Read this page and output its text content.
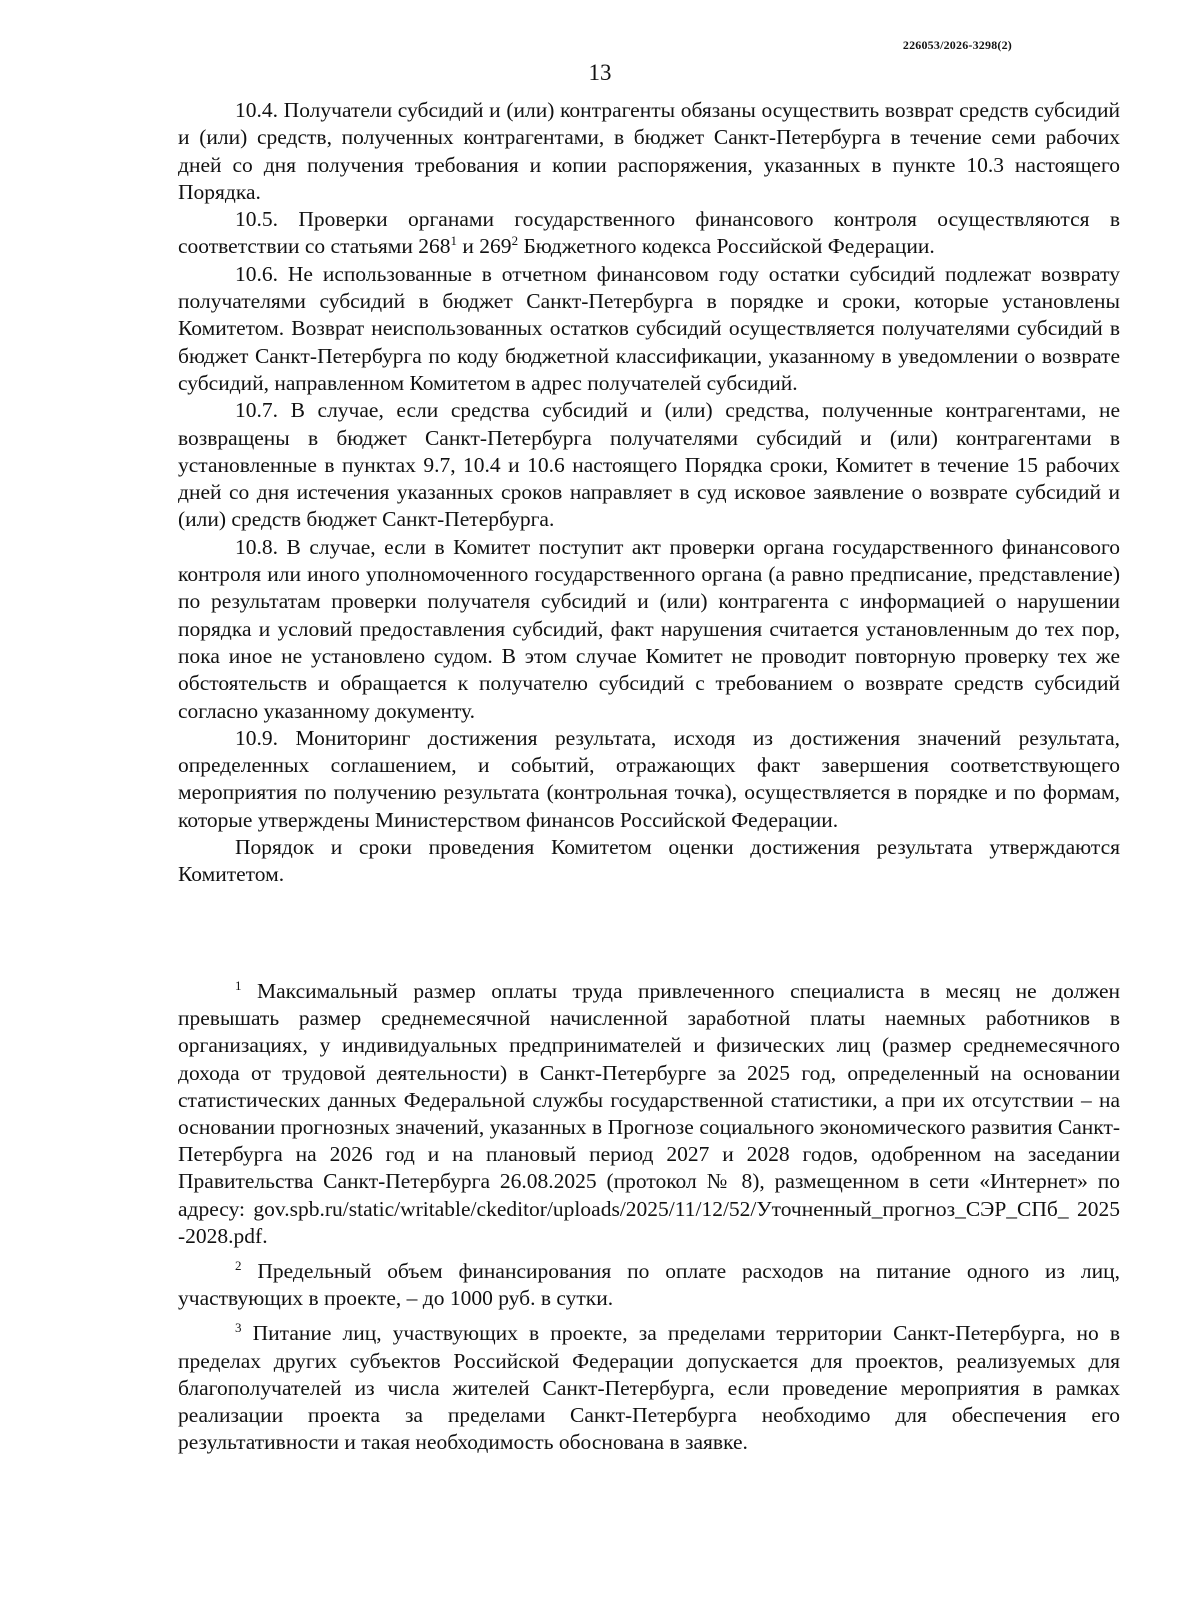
226053/2026-3298(2)
13

10.4. Получатели субсидий и (или) контрагенты обязаны осуществить возврат средств субсидий и (или) средств, полученных контрагентами, в бюджет Санкт-Петербурга в течение семи рабочих дней со дня получения требования и копии распоряжения, указанных в пункте 10.3 настоящего Порядка.

10.5. Проверки органами государственного финансового контроля осуществляются в соответствии со статьями $268^1$ и $269^2$ Бюджетного кодекса Российской Федерации.

10.6. Не использованные в отчетном финансовом году остатки субсидий подлежат возврату получателями субсидий в бюджет Санкт-Петербурга в порядке и сроки, которые установлены Комитетом. Возврат неиспользованных остатков субсидий осуществляется получателями субсидий в бюджет Санкт-Петербурга по коду бюджетной классификации, указанному в уведомлении о возврате субсидий, направленном Комитетом в адрес получателей субсидий.

10.7. В случае, если средства субсидий и (или) средства, полученные контрагентами, не возвращены в бюджет Санкт-Петербурга получателями субсидий и (или) контрагентами в установленные в пунктах 9.7, 10.4 и 10.6 настоящего Порядка сроки, Комитет в течение 15 рабочих дней со дня истечения указанных сроков направляет в суд исковое заявление о возврате субсидий и (или) средств бюджет Санкт-Петербурга.

10.8. В случае, если в Комитет поступит акт проверки органа государственного финансового контроля или иного уполномоченного государственного органа (а равно предписание, представление) по результатам проверки получателя субсидий и (или) контрагента с информацией о нарушении порядка и условий предоставления субсидий, факт нарушения считается установленным до тех пор, пока иное не установлено судом. В этом случае Комитет не проводит повторную проверку тех же обстоятельств и обращается к получателю субсидий с требованием о возврате средств субсидий согласно указанному документу.

10.9. Мониторинг достижения результата, исходя из достижения значений результата, определенных соглашением, и событий, отражающих факт завершения соответствующего мероприятия по получению результата (контрольная точка), осуществляется в порядке и по формам, которые утверждены Министерством финансов Российской Федерации.

Порядок и сроки проведения Комитетом оценки достижения результата утверждаются Комитетом.

$^1$ Максимальный размер оплаты труда привлеченного специалиста в месяц не должен превышать размер среднемесячной начисленной заработной платы наемных работников в организациях, у индивидуальных предпринимателей и физических лиц (размер среднемесячного дохода от трудовой деятельности) в Санкт-Петербурге за 2025 год, определенный на основании статистических данных Федеральной службы государственной статистики, а при их отсутствии – на основании прогнозных значений, указанных в Прогнозе социального экономического развития Санкт-Петербурга на 2026 год и на плановый период 2027 и 2028 годов, одобренном на заседании Правительства Санкт-Петербурга 26.08.2025 (протокол № 8), размещенном в сети «Интернет» по адресу: gov.spb.ru/static/writable/ckeditor/uploads/2025/11/12/52/Уточненный_прогноз_СЭР_СПб_ 2025-2028.pdf.

$^2$ Предельный объем финансирования по оплате расходов на питание одного из лиц, участвующих в проекте, – до 1000 руб. в сутки.

$^3$ Питание лиц, участвующих в проекте, за пределами территории Санкт-Петербурга, но в пределах других субъектов Российской Федерации допускается для проектов, реализуемых для благополучателей из числа жителей Санкт-Петербурга, если проведение мероприятия в рамках реализации проекта за пределами Санкт-Петербурга необходимо для обеспечения его результативности и такая необходимость обоснована в заявке.
